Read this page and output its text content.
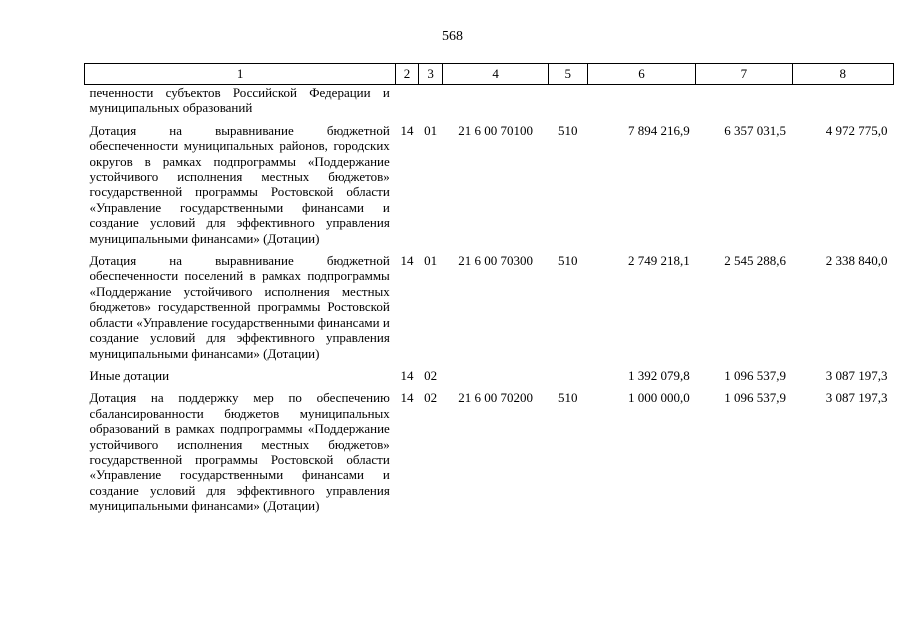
568
1	2	3	4	5	6	7	8
печенности субъектов Российской Федерации и муниципальных образований							

Дотация на выравнивание бюджетной обеспеченности муниципальных районов, городских округов в рамках подпрограммы «Поддержание устойчивого исполнения местных бюджетов» государственной программы Ростовской области «Управление государственными финансами и создание условий для эффективного управления муниципальными финансами» (Дотации)	14	01	21 6 00 70100	510	7 894 216,9	6 357 031,5	4 972 775,0

Дотация на выравнивание бюджетной обеспеченности поселений в рамках подпрограммы «Поддержание устойчивого исполнения местных бюджетов» государственной программы Ростовской области «Управление государственными финансами и создание условий для эффективного управления муниципальными финансами» (Дотации)	14	01	21 6 00 70300	510	2 749 218,1	2 545 288,6	2 338 840,0

Иные дотации	14	02			1 392 079,8	1 096 537,9	3 087 197,3

Дотация на поддержку мер по обеспечению сбалансированности бюджетов муниципальных образований в рамках подпрограммы «Поддержание устойчивого исполнения местных бюджетов» государственной программы Ростовской области «Управление государственными финансами и создание условий для эффективного управления муниципальными финансами» (Дотации)	14	02	21 6 00 70200	510	1 000 000,0	1 096 537,9	3 087 197,3
